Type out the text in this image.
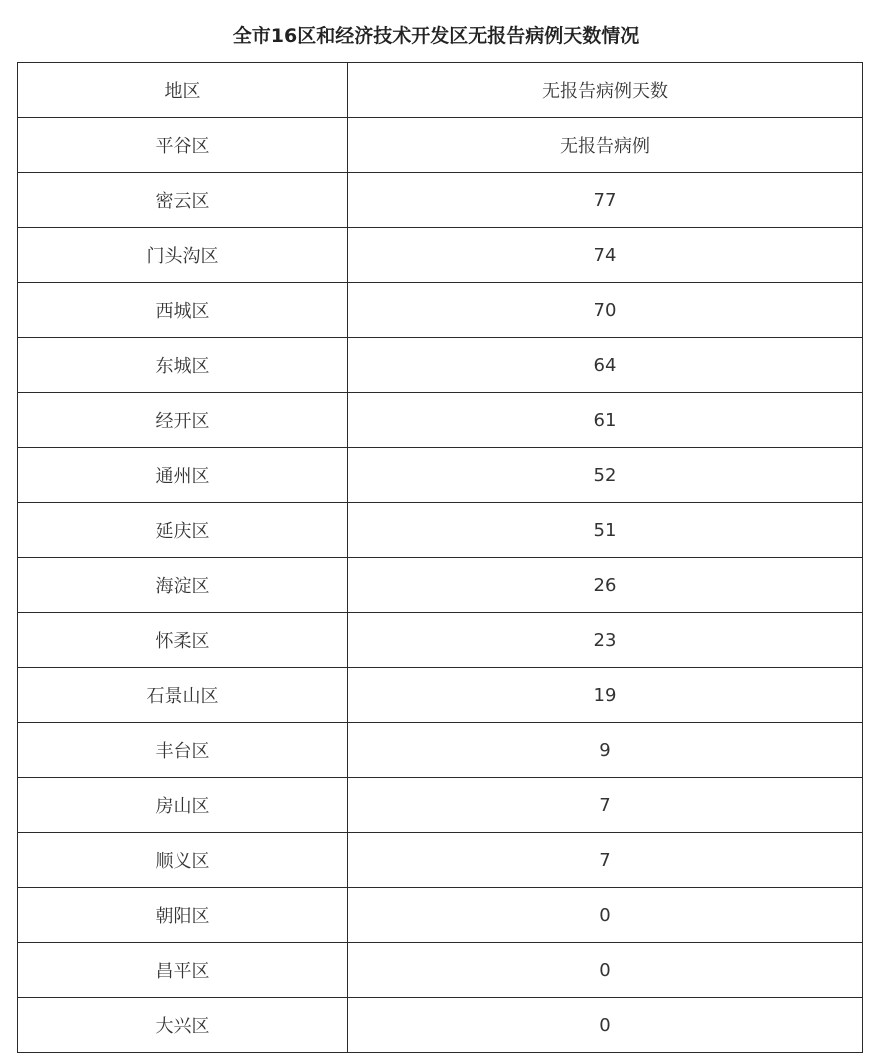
全市16区和经济技术开发区无报告病例天数情况
地区	无报告病例天数
平谷区	无报告病例
密云区	77
门头沟区	74
西城区	70
东城区	64
经开区	61
通州区	52
延庆区	51
海淀区	26
怀柔区	23
石景山区	19
丰台区	9
房山区	7
顺义区	7
朝阳区	0
昌平区	0
大兴区	0
